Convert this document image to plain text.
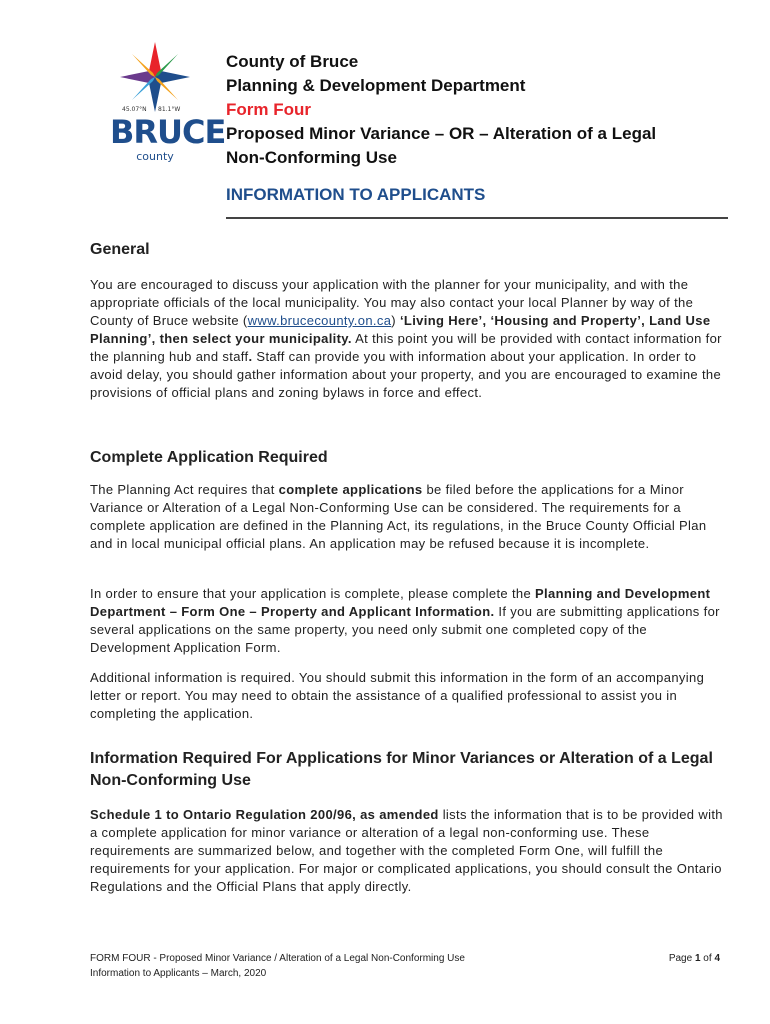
45.07°N 81.1°W
BRUCE
county
County of Bruce
Planning & Development Department
Form Four
Proposed Minor Variance – OR – Alteration of a Legal
Non-Conforming Use
INFORMATION TO APPLICANTS
General
You are encouraged to discuss your application with the planner for your municipality, and with the appropriate officials of the local municipality. You may also contact your local Planner by way of the County of Bruce website (www.brucecounty.on.ca) ‘Living Here’, ‘Housing and Property’, Land Use Planning’, then select your municipality. At this point you will be provided with contact information for the planning hub and staff. Staff can provide you with information about your application. In order to avoid delay, you should gather information about your property, and you are encouraged to examine the provisions of official plans and zoning bylaws in force and effect.
Complete Application Required
The Planning Act requires that complete applications be filed before the applications for a Minor Variance or Alteration of a Legal Non-Conforming Use can be considered. The requirements for a complete application are defined in the Planning Act, its regulations, in the Bruce County Official Plan and in local municipal official plans. An application may be refused because it is incomplete.
In order to ensure that your application is complete, please complete the Planning and Development Department – Form One – Property and Applicant Information. If you are submitting applications for several applications on the same property, you need only submit one completed copy of the Development Application Form.
Additional information is required. You should submit this information in the form of an accompanying letter or report. You may need to obtain the assistance of a qualified professional to assist you in completing the application.
Information Required For Applications for Minor Variances or Alteration of a Legal Non-Conforming Use
Schedule 1 to Ontario Regulation 200/96, as amended lists the information that is to be provided with a complete application for minor variance or alteration of a legal non-conforming use. These requirements are summarized below, and together with the completed Form One, will fulfill the requirements for your application. For major or complicated applications, you should consult the Ontario Regulations and the Official Plans that apply directly.
FORM FOUR - Proposed Minor Variance / Alteration of a Legal Non-Conforming Use
Information to Applicants – March, 2020
Page 1 of 4
